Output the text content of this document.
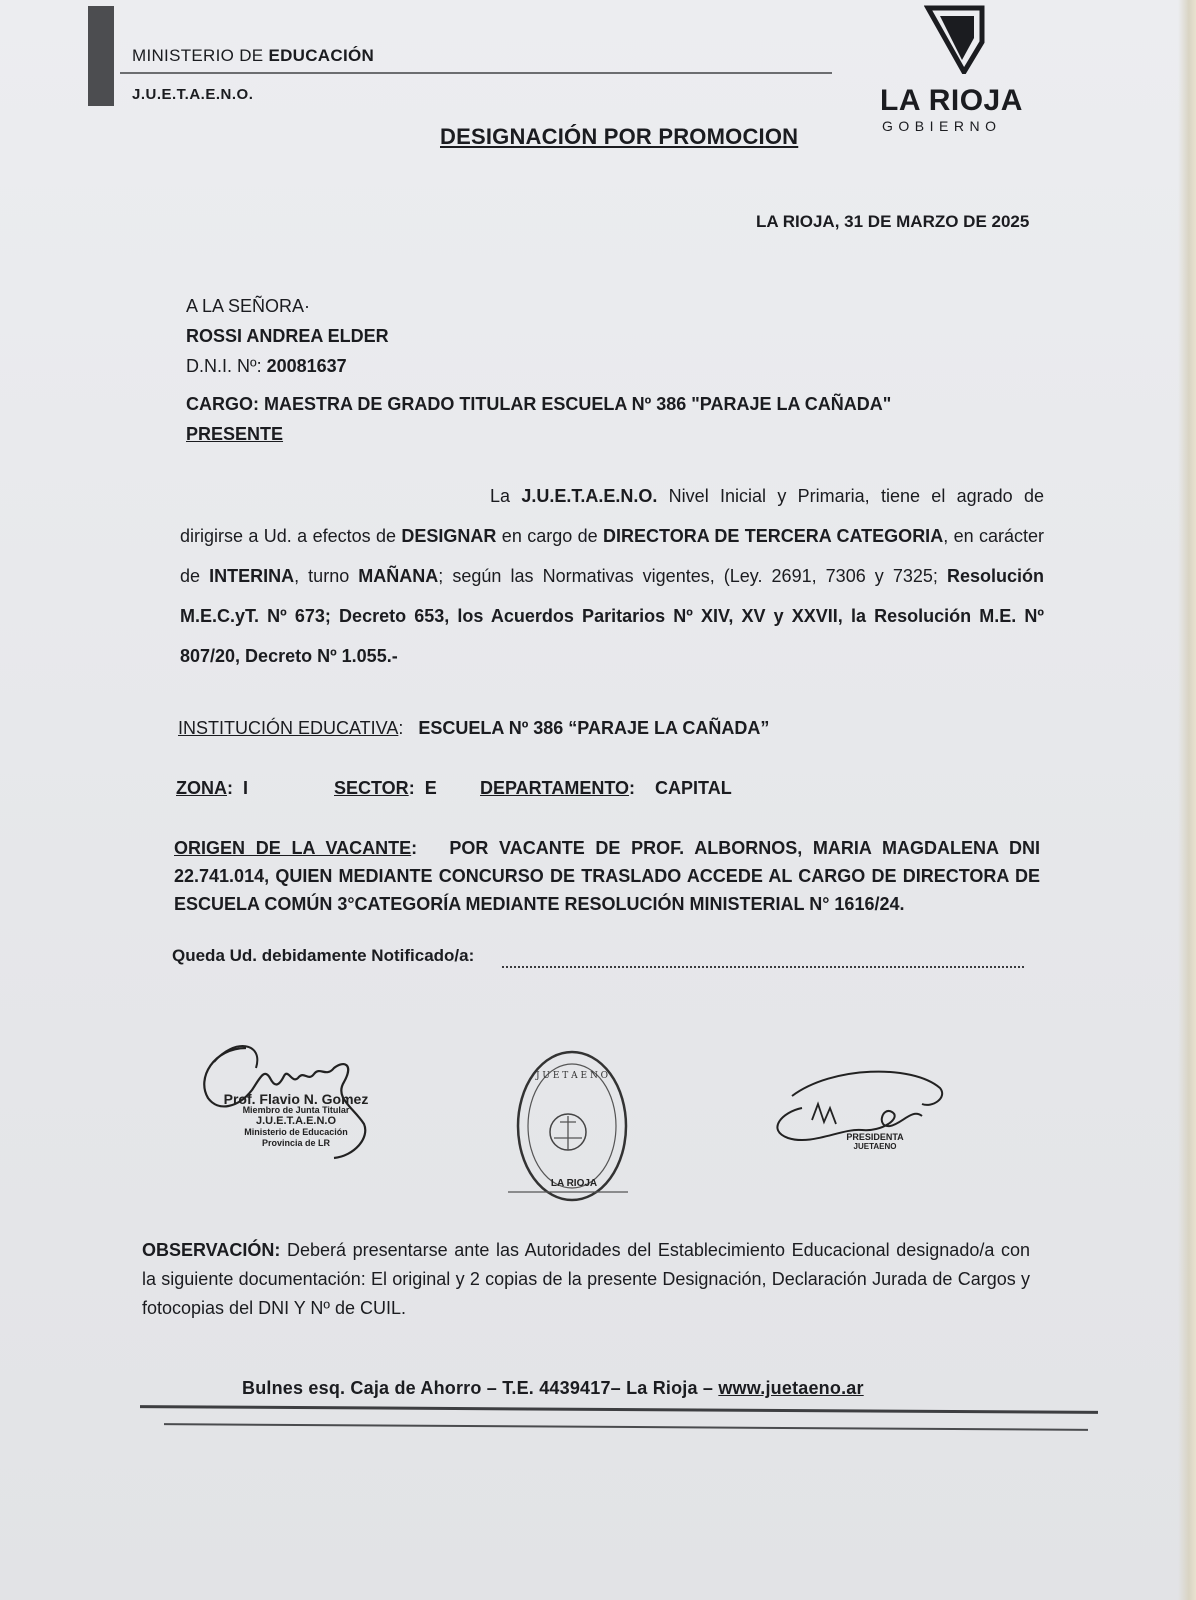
MINISTERIO DE EDUCACIÓN
J.U.E.T.A.E.N.O.	LA RIOJA
GOBIERNO
DESIGNACIÓN POR PROMOCION
LA RIOJA, 31 DE MARZO DE 2025
A LA SEÑORA·
ROSSI ANDREA ELDER
D.N.I. Nº: 20081637
CARGO: MAESTRA DE GRADO TITULAR ESCUELA Nº 386 "PARAJE LA CAÑADA"
PRESENTE
La J.U.E.T.A.E.N.O. Nivel Inicial y Primaria, tiene el agrado de dirigirse a Ud. a efectos de DESIGNAR en cargo de DIRECTORA DE TERCERA CATEGORIA, en carácter de INTERINA, turno MAÑANA; según las Normativas vigentes, (Ley. 2691, 7306 y 7325; Resolución M.E.C.yT. Nº 673; Decreto 653, los Acuerdos Paritarios Nº XIV, XV y XXVII, la Resolución M.E. Nº 807/20, Decreto Nº 1.055.-
INSTITUCIÓN EDUCATIVA:   ESCUELA Nº 386 “PARAJE LA CAÑADA”
ZONA: I	SECTOR: E DEPARTAMENTO: CAPITAL
ORIGEN DE LA VACANTE:   POR VACANTE DE PROF. ALBORNOS, MARIA MAGDALENA DNI 22.741.014, QUIEN MEDIANTE CONCURSO DE TRASLADO ACCEDE AL CARGO DE DIRECTORA DE ESCUELA COMÚN 3°CATEGORÍA MEDIANTE RESOLUCIÓN MINISTERIAL N° 1616/24.
Queda Ud. debidamente Notificado/a:
Prof. Flavio N. Gomez
Miembro de Junta Titular
J.U.E.T.A.E.N.O
Ministerio de Educación
Provincia de LR
J U E T A E N O
LA RIOJA
PRESIDENTA
JUETAENO
OBSERVACIÓN: Deberá presentarse ante las Autoridades del Establecimiento Educacional designado/a con la siguiente documentación: El original y 2 copias de la presente Designación, Declaración Jurada de Cargos y fotocopias del DNI Y Nº de CUIL.
Bulnes esq. Caja de Ahorro – T.E. 4439417– La Rioja – www.juetaeno.ar
